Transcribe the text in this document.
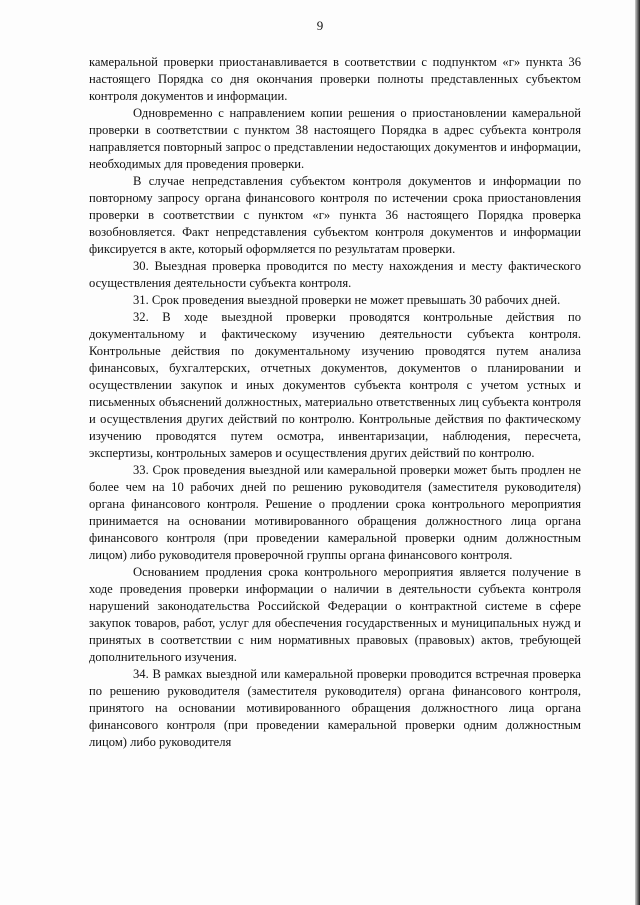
9

камеральной проверки приостанавливается в соответствии с подпунктом «г» пункта 36 настоящего Порядка со дня окончания проверки полноты представленных субъектом контроля документов и информации.

Одновременно с направлением копии решения о приостановлении камеральной проверки в соответствии с пунктом 38 настоящего Порядка в адрес субъекта контроля направляется повторный запрос о представлении недостающих документов и информации, необходимых для проведения проверки.

В случае непредставления субъектом контроля документов и информации по повторному запросу органа финансового контроля по истечении срока приостановления проверки в соответствии с пунктом «г» пункта 36 настоящего Порядка проверка возобновляется. Факт непредставления субъектом контроля документов и информации фиксируется в акте, который оформляется по результатам проверки.

30. Выездная проверка проводится по месту нахождения и месту фактического осуществления деятельности субъекта контроля.

31. Срок проведения выездной проверки не может превышать 30 рабочих дней.

32. В ходе выездной проверки проводятся контрольные действия по документальному и фактическому изучению деятельности субъекта контроля. Контрольные действия по документальному изучению проводятся путем анализа финансовых, бухгалтерских, отчетных документов, документов о планировании и осуществлении закупок и иных документов субъекта контроля с учетом устных и письменных объяснений должностных, материально ответственных лиц субъекта контроля и осуществления других действий по контролю. Контрольные действия по фактическому изучению проводятся путем осмотра, инвентаризации, наблюдения, пересчета, экспертизы, контрольных замеров и осуществления других действий по контролю.

33. Срок проведения выездной или камеральной проверки может быть продлен не более чем на 10 рабочих дней по решению руководителя (заместителя руководителя) органа финансового контроля. Решение о продлении срока контрольного мероприятия принимается на основании мотивированного обращения должностного лица органа финансового контроля (при проведении камеральной проверки одним должностным лицом) либо руководителя проверочной группы органа финансового контроля.

Основанием продления срока контрольного мероприятия является получение в ходе проведения проверки информации о наличии в деятельности субъекта контроля нарушений законодательства Российской Федерации о контрактной системе в сфере закупок товаров, работ, услуг для обеспечения государственных и муниципальных нужд и принятых в соответствии с ним нормативных правовых (правовых) актов, требующей дополнительного изучения.

34. В рамках выездной или камеральной проверки проводится встречная проверка по решению руководителя (заместителя руководителя) органа финансового контроля, принятого на основании мотивированного обращения должностного лица органа финансового контроля (при проведении камеральной проверки одним должностным лицом) либо руководителя
